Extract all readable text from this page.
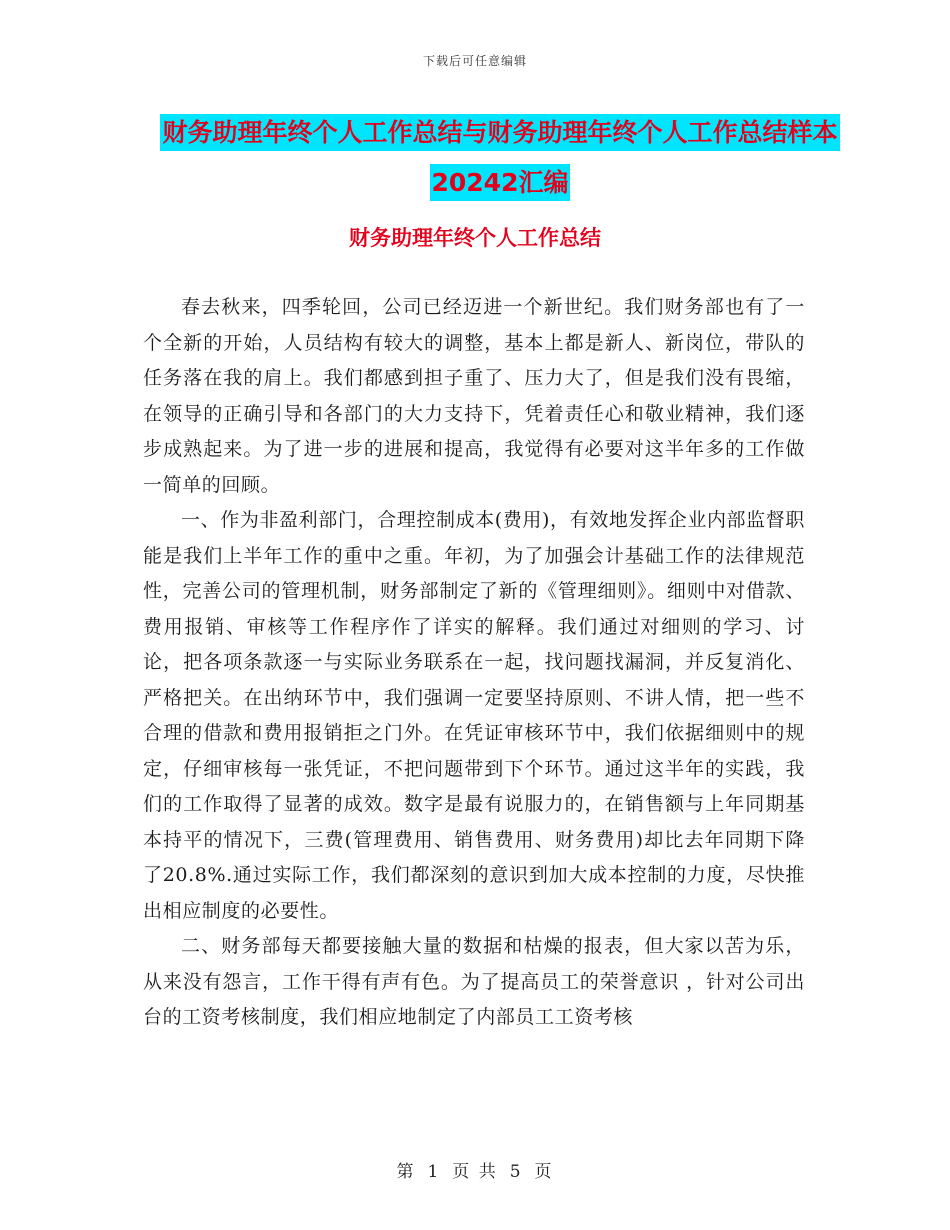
下载后可任意编辑
财务助理年终个人工作总结与财务助理年终个人工作总结样本20242汇编
财务助理年终个人工作总结

春去秋来，四季轮回，公司已经迈进一个新世纪。我们财务部也有了一个全新的开始，人员结构有较大的调整，基本上都是新人、新岗位，带队的任务落在我的肩上。我们都感到担子重了、压力大了，但是我们没有畏缩，在领导的正确引导和各部门的大力支持下，凭着责任心和敬业精神，我们逐步成熟起来。为了进一步的进展和提高，我觉得有必要对这半年多的工作做一简单的回顾。

一、作为非盈利部门，合理控制成本(费用)，有效地发挥企业内部监督职能是我们上半年工作的重中之重。年初，为了加强会计基础工作的法律规范性，完善公司的管理机制，财务部制定了新的《管理细则》。细则中对借款、费用报销、审核等工作程序作了详实的解释。我们通过对细则的学习、讨论，把各项条款逐一与实际业务联系在一起，找问题找漏洞，并反复消化、严格把关。在出纳环节中，我们强调一定要坚持原则、不讲人情，把一些不合理的借款和费用报销拒之门外。在凭证审核环节中，我们依据细则中的规定，仔细审核每一张凭证，不把问题带到下个环节。通过这半年的实践，我们的工作取得了显著的成效。数字是最有说服力的，在销售额与上年同期基本持平的情况下，三费(管理费用、销售费用、财务费用)却比去年同期下降了20.8%.通过实际工作，我们都深刻的意识到加大成本控制的力度，尽快推出相应制度的必要性。

二、财务部每天都要接触大量的数据和枯燥的报表，但大家以苦为乐，从来没有怨言，工作干得有声有色。为了提高员工的荣誉意识 ，针对公司出台的工资考核制度，我们相应地制定了内部员工工资考核

第 1 页 共 5 页
